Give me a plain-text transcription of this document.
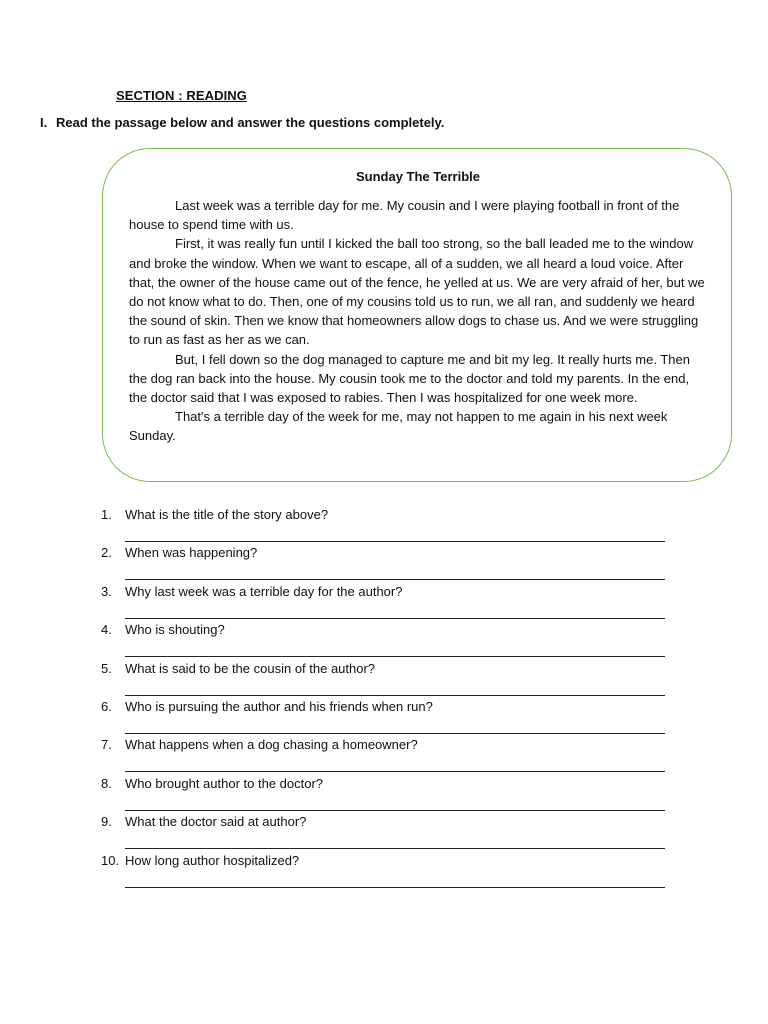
SECTION : READING
I. Read the passage below and answer the questions completely.
Sunday The Terrible

Last week was a terrible day for me. My cousin and I were playing football in front of the house to spend time with us.

First, it was really fun until I kicked the ball too strong, so the ball leaded me to the window and broke the window. When we want to escape, all of a sudden, we all heard a loud voice. After that, the owner of the house came out of the fence, he yelled at us. We are very afraid of her, but we do not know what to do. Then, one of my cousins told us to run, we all ran, and suddenly we heard the sound of skin. Then we know that homeowners allow dogs to chase us. And we were struggling to run as fast as her as we can.

But, I fell down so the dog managed to capture me and bit my leg. It really hurts me. Then the dog ran back into the house. My cousin took me to the doctor and told my parents. In the end, the doctor said that I was exposed to rabies. Then I was hospitalized for one week more.

That's a terrible day of the week for me, may not happen to me again in his next week Sunday.

1.	What is the title of the story above?
2.	When was happening?
3.	Why last week was a terrible day for the author?
4.	Who is shouting?
5.	What is said to be the cousin of the author?
6.	Who is pursuing the author and his friends when run?
7.	What happens when a dog chasing a homeowner?
8.	Who brought author to the doctor?
9.	What the doctor said at author?
10. How long author hospitalized?
